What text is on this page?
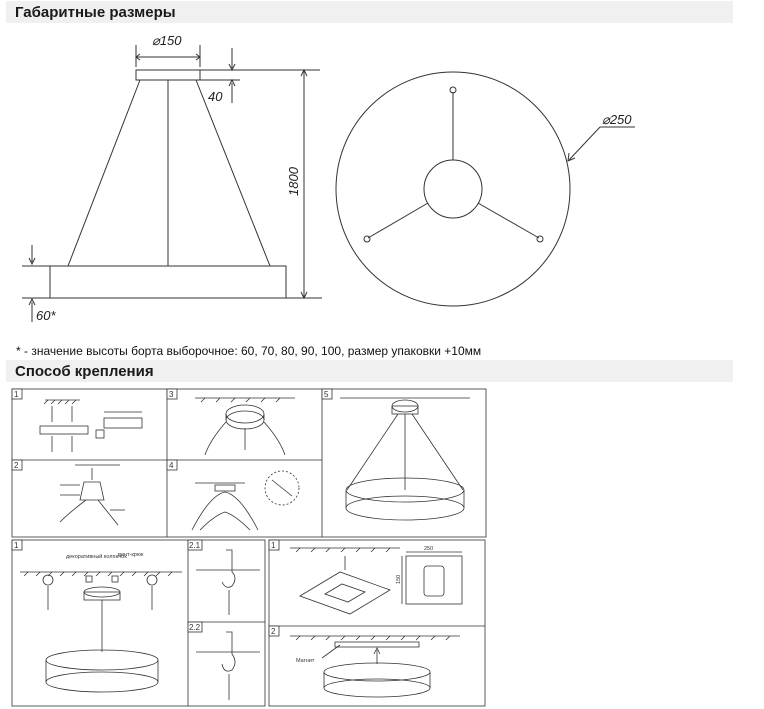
Габаритные размеры
Способ крепления
* - значение высоты борта выборочное: 60, 70, 80, 90, 100, размер упаковки +10мм
⌀150
40
1800
60*
⌀250
1
2
3
4
5
1	2.1
2.2
декоративный колпачок
винт-крюк
1
2
Магнит
250
150
